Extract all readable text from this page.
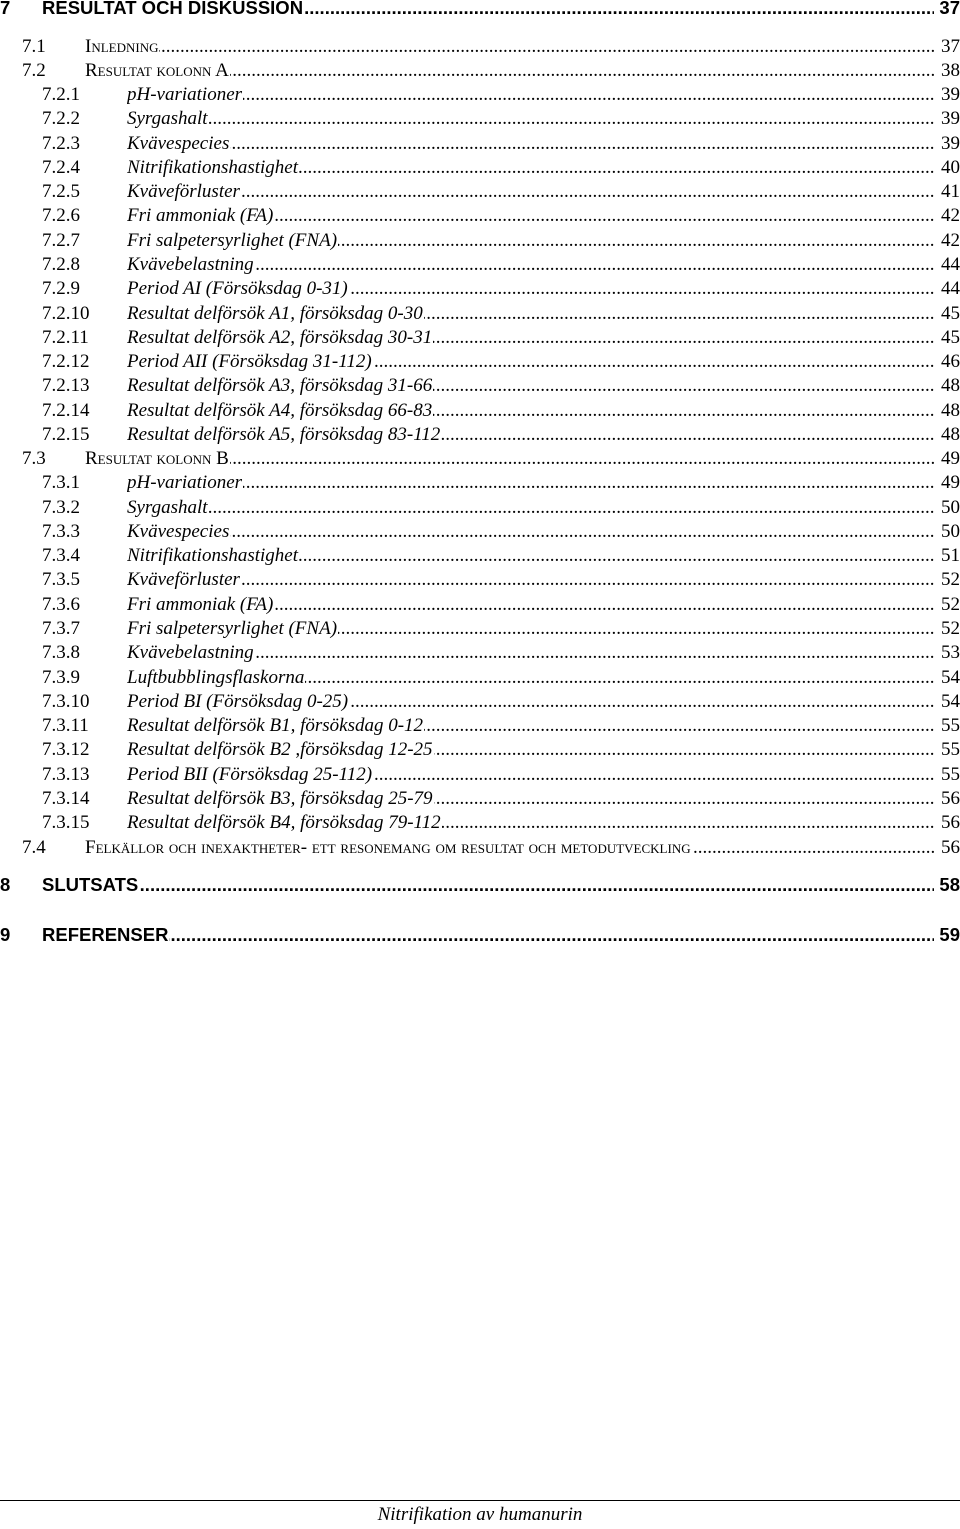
7 RESULTAT OCH DISKUSSION .....	37
7.1 Inledning .....	37
7.2 Resultat kolonn A .....	38
7.2.1 pH-variationer .....	39
7.2.2 Syrgashalt .....	39
7.2.3 Kvävespecies .....	39
7.2.4 Nitrifikationshastighet .....	40
7.2.5 Kväveförluster .....	41
7.2.6 Fri ammoniak (FA) .....	42
7.2.7 Fri salpetersyrlighet (FNA) .....	42
7.2.8 Kvävebelastning .....	44
7.2.9 Period AI (Försöksdag 0-31) .....	44
7.2.10 Resultat delförsök A1, försöksdag 0-30 .....	45
7.2.11 Resultat delförsök A2, försöksdag 30-31 .....	45
7.2.12 Period AII (Försöksdag 31-112) .....	46
7.2.13 Resultat delförsök A3, försöksdag 31-66 .....	48
7.2.14 Resultat delförsök A4, försöksdag 66-83 .....	48
7.2.15 Resultat delförsök A5, försöksdag 83-112 .....	48
7.3 Resultat kolonn B .....	49
7.3.1 pH-variationer .....	49
7.3.2 Syrgashalt .....	50
7.3.3 Kvävespecies .....	50
7.3.4 Nitrifikationshastighet .....	51
7.3.5 Kväveförluster .....	52
7.3.6 Fri ammoniak (FA) .....	52
7.3.7 Fri salpetersyrlighet (FNA) .....	52
7.3.8 Kvävebelastning .....	53
7.3.9 Luftbubblingsflaskorna .....	54
7.3.10 Period BI (Försöksdag 0-25) .....	54
7.3.11 Resultat delförsök B1, försöksdag 0-12 .....	55
7.3.12 Resultat delförsök B2 ,försöksdag 12-25 .....	55
7.3.13 Period BII (Försöksdag 25-112) .....	55
7.3.14 Resultat delförsök B3, försöksdag 25-79 .....	56
7.3.15 Resultat delförsök B4, försöksdag 79-112 .....	56
7.4 Felkällor och inexaktheter- ett resonemang om resultat och metodutveckling .....	56
8 SLUTSATS .....	58
9 REFERENSER .....	59
Nitrifikation av humanurin
